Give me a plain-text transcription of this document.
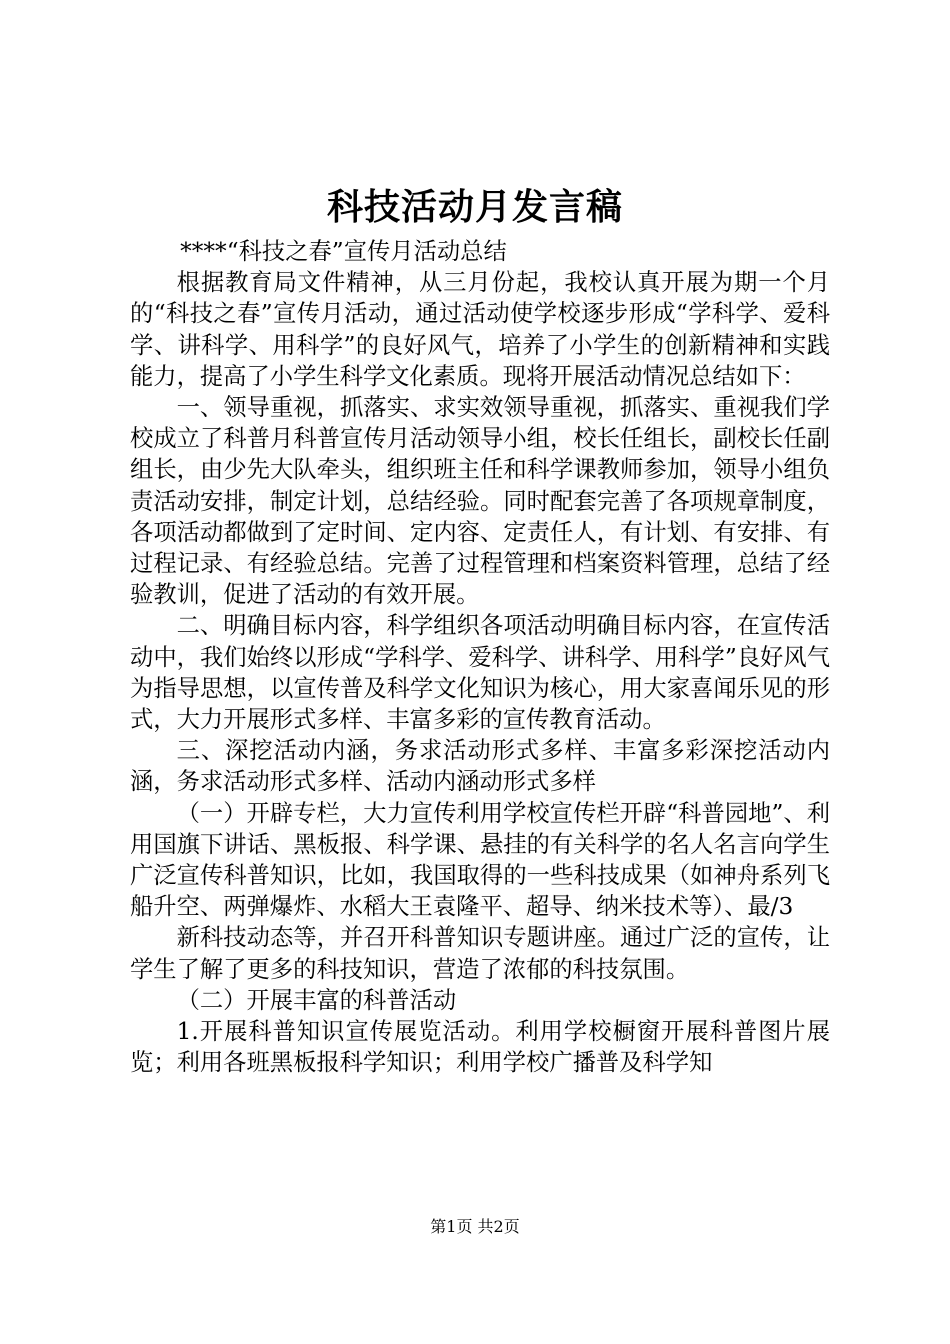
科技活动月发言稿

****“科技之春”宣传月活动总结

根据教育局文件精神，从三月份起，我校认真开展为期一个月的“科技之春”宣传月活动，通过活动使学校逐步形成“学科学、爱科学、讲科学、用科学”的良好风气，培养了小学生的创新精神和实践能力，提高了小学生科学文化素质。现将开展活动情况总结如下：

一、领导重视，抓落实、求实效领导重视，抓落实、重视我们学校成立了科普月科普宣传月活动领导小组，校长任组长，副校长任副组长，由少先大队牵头，组织班主任和科学课教师参加，领导小组负责活动安排，制定计划，总结经验。同时配套完善了各项规章制度，各项活动都做到了定时间、定内容、定责任人，有计划、有安排、有过程记录、有经验总结。完善了过程管理和档案资料管理，总结了经验教训，促进了活动的有效开展。

二、明确目标内容，科学组织各项活动明确目标内容，在宣传活动中，我们始终以形成“学科学、爱科学、讲科学、用科学”良好风气为指导思想，以宣传普及科学文化知识为核心，用大家喜闻乐见的形式，大力开展形式多样、丰富多彩的宣传教育活动。

三、深挖活动内涵，务求活动形式多样、丰富多彩深挖活动内涵，务求活动形式多样、活动内涵动形式多样

（一）开辟专栏，大力宣传利用学校宣传栏开辟“科普园地”、利用国旗下讲话、黑板报、科学课、悬挂的有关科学的名人名言向学生广泛宣传科普知识，比如，我国取得的一些科技成果（如神舟系列飞船升空、两弹爆炸、水稻大王袁隆平、超导、纳米技术等）、最/3

新科技动态等，并召开科普知识专题讲座。通过广泛的宣传，让学生了解了更多的科技知识，营造了浓郁的科技氛围。

（二）开展丰富的科普活动

1.开展科普知识宣传展览活动。利用学校橱窗开展科普图片展览；利用各班黑板报科学知识；利用学校广播普及科学知

第1页 共2页
